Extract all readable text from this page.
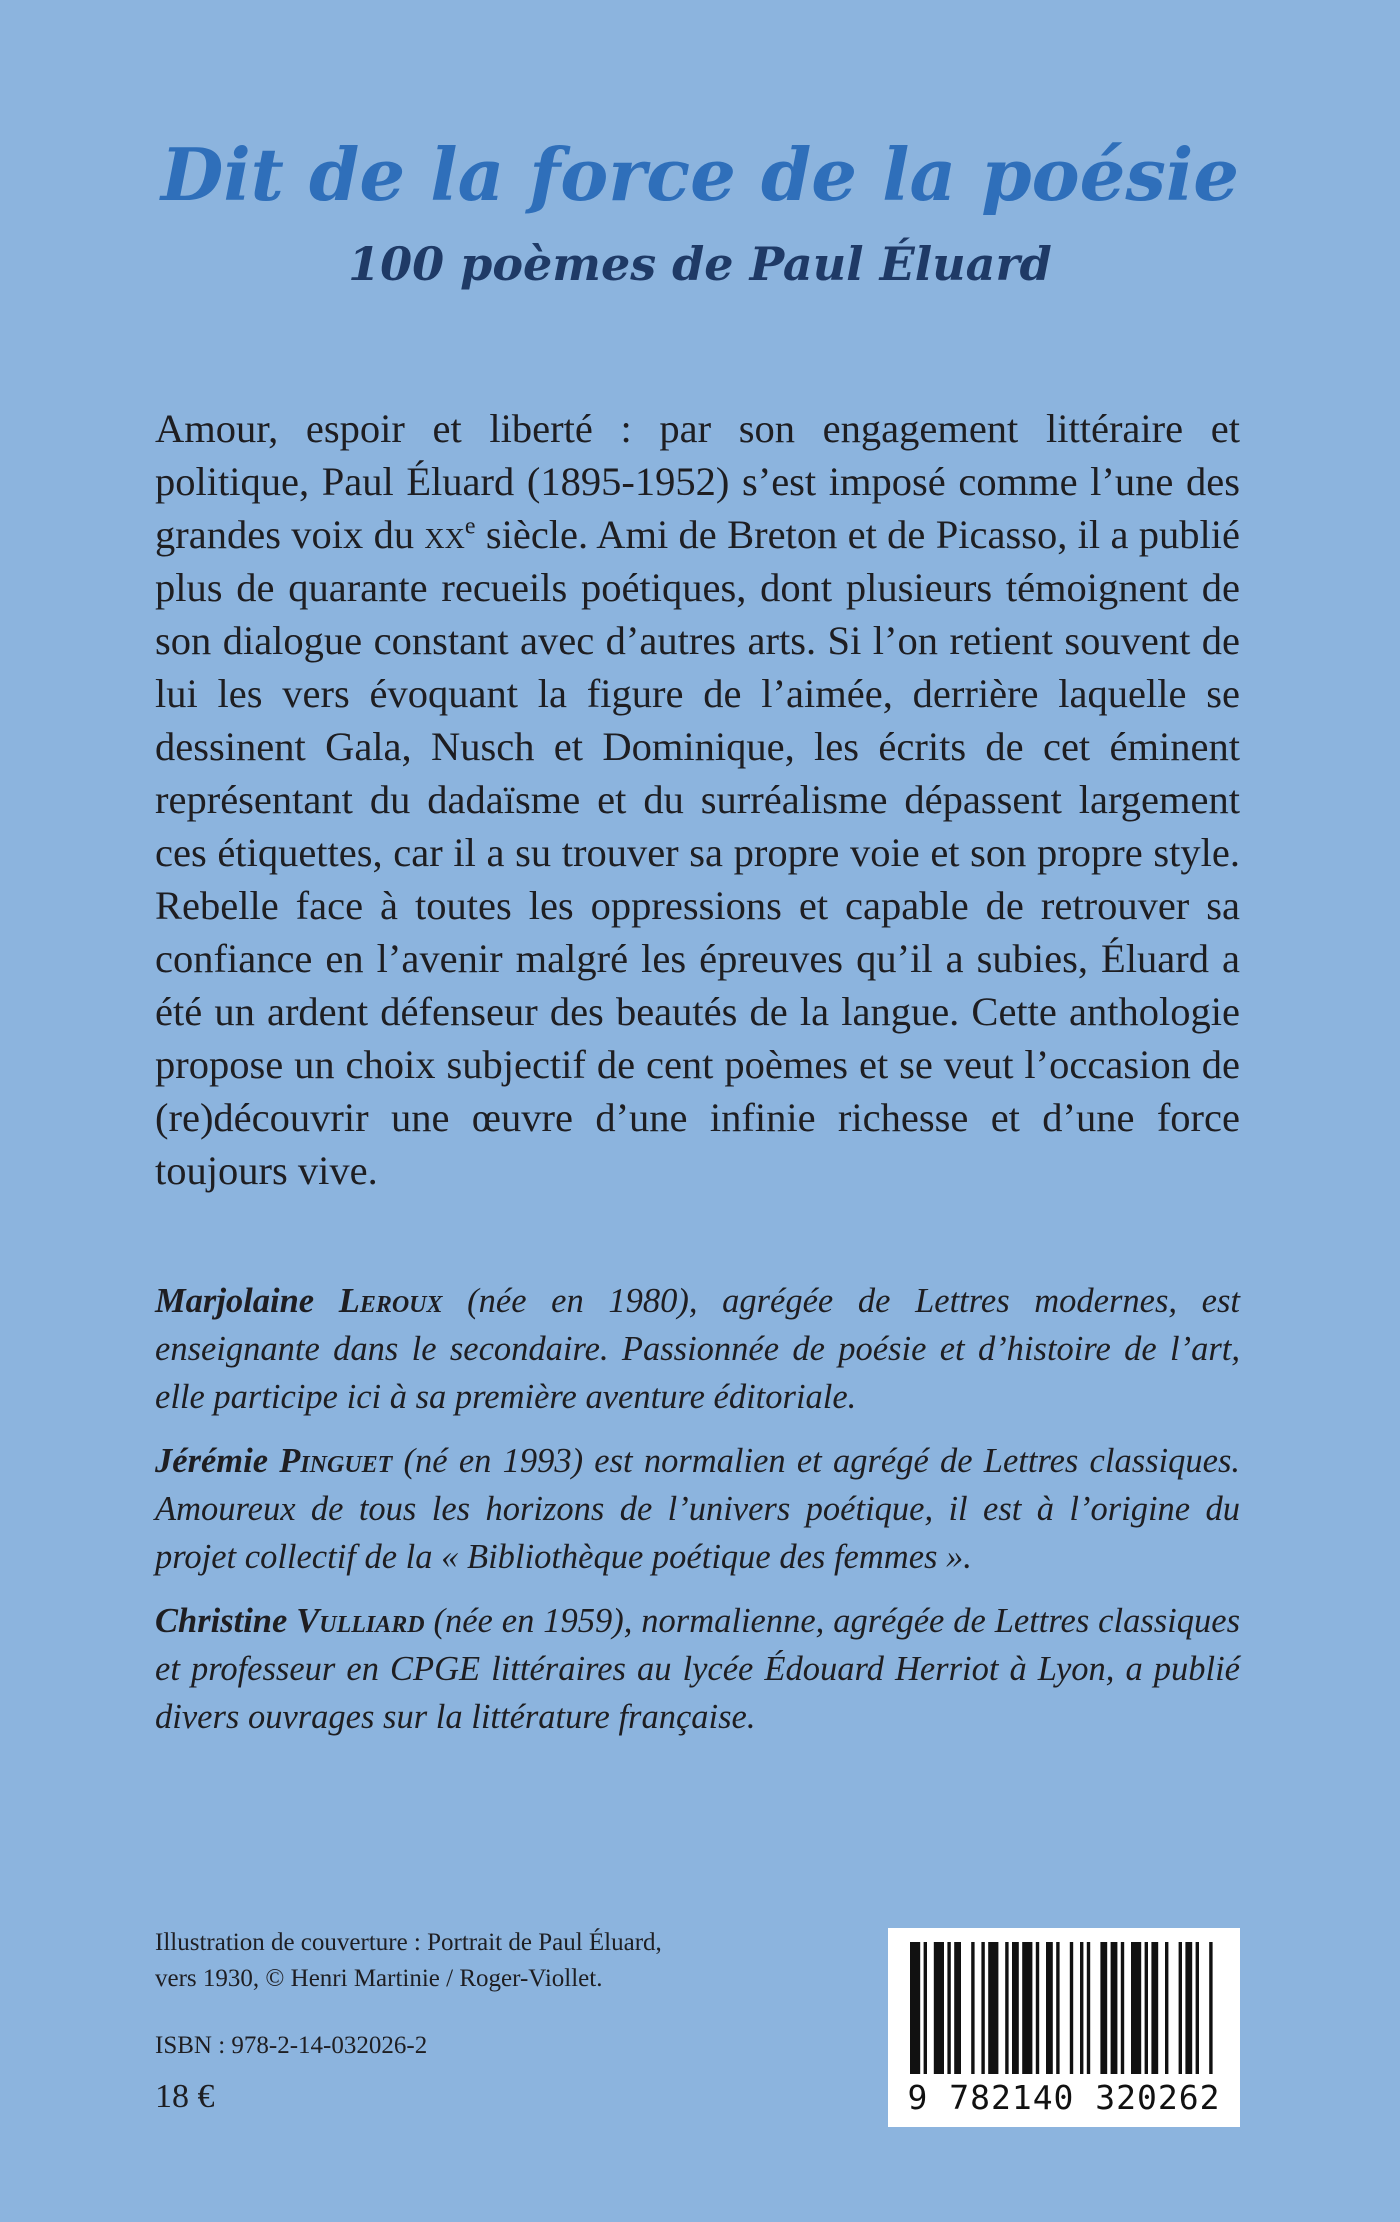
Dit de la force de la poésie
100 poèmes de Paul Éluard

Amour, espoir et liberté : par son engagement littéraire et politique, Paul Éluard (1895-1952) s’est imposé comme l’une des grandes voix du $xx^e$ siècle. Ami de Breton et de Picasso, il a publié plus de quarante recueils poétiques, dont plusieurs témoignent de son dialogue constant avec d’autres arts. Si l’on retient souvent de lui les vers évoquant la figure de l’aimée, derrière laquelle se dessinent Gala, Nusch et Dominique, les écrits de cet éminent représentant du dadaïsme et du surréalisme dépassent largement ces étiquettes, car il a su trouver sa propre voie et son propre style. Rebelle face à toutes les oppressions et capable de retrouver sa confiance en l’avenir malgré les épreuves qu’il a subies, Éluard a été un ardent défenseur des beautés de la langue. Cette anthologie propose un choix subjectif de cent poèmes et se veut l’occasion de (re)découvrir une œuvre d’une infinie richesse et d’une force toujours vive.

Marjolaine Leroux (née en 1980), agrégée de Lettres modernes, est enseignante dans le secondaire. Passionnée de poésie et d’histoire de l’art, elle participe ici à sa première aventure éditoriale.

Jérémie Pinguet (né en 1993) est normalien et agrégé de Lettres classiques. Amoureux de tous les horizons de l’univers poétique, il est à l’origine du projet collectif de la « Bibliothèque poétique des femmes ».

Christine Vulliard (née en 1959), normalienne, agrégée de Lettres classiques et professeur en CPGE littéraires au lycée Édouard Herriot à Lyon, a publié divers ouvrages sur la littérature française.

Illustration de couverture : Portrait de Paul Éluard,
vers 1930, © Henri Martinie / Roger-Viollet.

ISBN : 978-2-14-032026-2

18 €	9 782140 320262
